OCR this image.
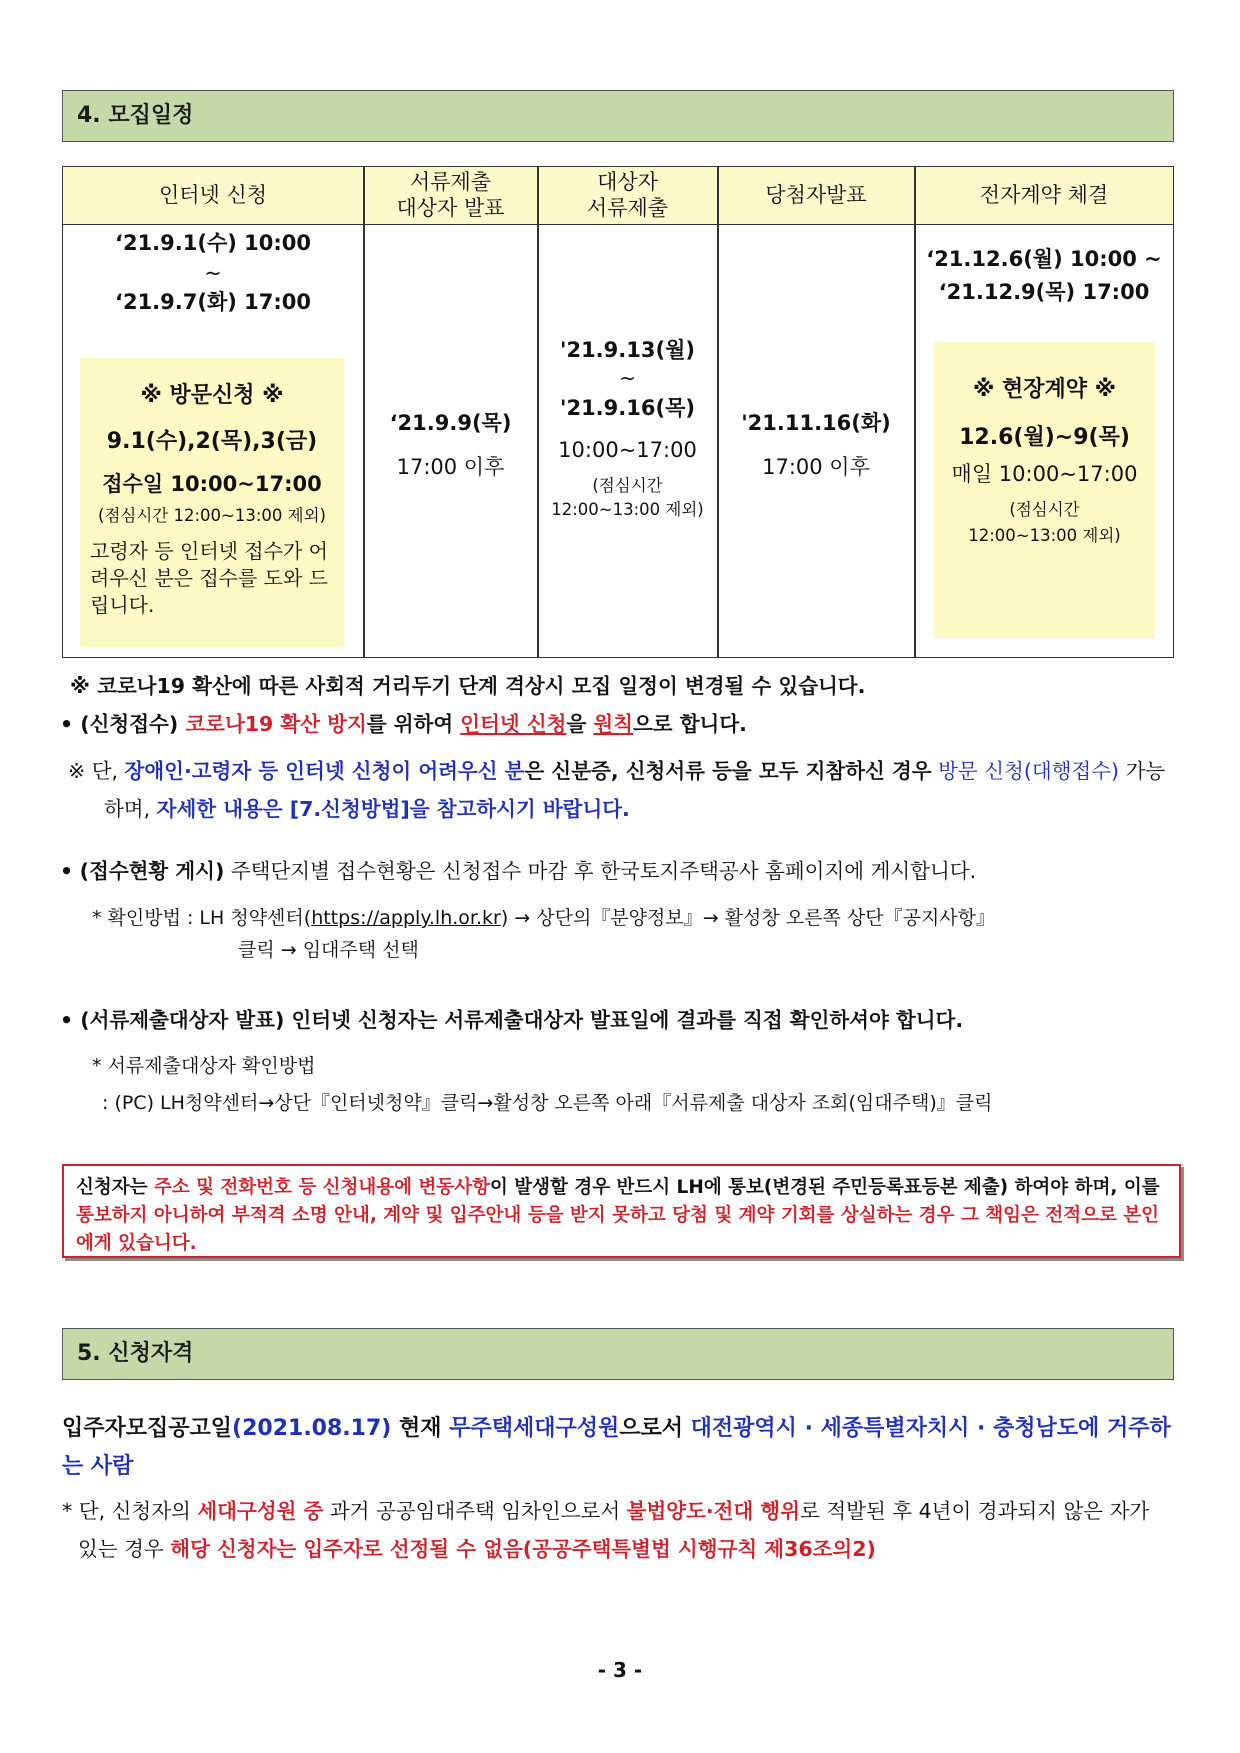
4. 모집일정
인터넷 신청
서류제출
대상자 발표
대상자
서류제출
당첨자발표	전자계약 체결
‘21.9.1(수) 10:00
~
‘21.9.7(화) 17:00
※ 방문신청 ※
9.1(수),2(목),3(금)
접수일 10:00~17:00
(점심시간 12:00~13:00 제외)
고령자 등 인터넷 접수가 어려우신 분은 접수를 도와 드립니다.
‘21.9.9(목)
17:00 이후
'21.9.13(월)
~
'21.9.16(목)
10:00~17:00
(점심시간
12:00~13:00 제외)
'21.11.16(화)
17:00 이후
‘21.12.6(월) 10:00 ~
‘21.12.9(목) 17:00
※ 현장계약 ※
12.6(월)~9(목)
매일 10:00~17:00
(점심시간
12:00~13:00 제외)
※ 코로나19 확산에 따른 사회적 거리두기 단계 격상시 모집 일정이 변경될 수 있습니다.
• (신청접수) 코로나19 확산 방지를 위하여 인터넷 신청을 원칙으로 합니다.
※ 단, 장애인·고령자 등 인터넷 신청이 어려우신 분은 신분증, 신청서류 등을 모두 지참하신 경우 방문 신청(대행접수) 가능하며, 자세한 내용은 [7.신청방법]을 참고하시기 바랍니다.
• (접수현황 게시) 주택단지별 접수현황은 신청접수 마감 후 한국토지주택공사 홈페이지에 게시합니다.
* 확인방법 : LH 청약센터(https://apply.lh.or.kr) → 상단의『분양정보』→ 활성창 오른쪽 상단『공지사항』
클릭 → 임대주택 선택
• (서류제출대상자 발표) 인터넷 신청자는 서류제출대상자 발표일에 결과를 직접 확인하셔야 합니다.
* 서류제출대상자 확인방법
: (PC) LH청약센터→상단『인터넷청약』클릭→활성창 오른쪽 아래『서류제출 대상자 조회(임대주택)』클릭
신청자는 주소 및 전화번호 등 신청내용에 변동사항이 발생할 경우 반드시 LH에 통보(변경된 주민등록표등본 제출) 하여야 하며, 이를 통보하지 아니하여 부적격 소명 안내, 계약 및 입주안내 등을 받지 못하고 당첨 및 계약 기회를 상실하는 경우 그 책임은 전적으로 본인에게 있습니다.
5. 신청자격
입주자모집공고일(2021.08.17) 현재 무주택세대구성원으로서 대전광역시 · 세종특별자치시 · 충청남도에 거주하는 사람
* 단, 신청자의 세대구성원 중 과거 공공임대주택 임차인으로서 불법양도·전대 행위로 적발된 후 4년이 경과되지 않은 자가 있는 경우 해당 신청자는 입주자로 선정될 수 없음(공공주택특별법 시행규칙 제36조의2)
- 3 -
